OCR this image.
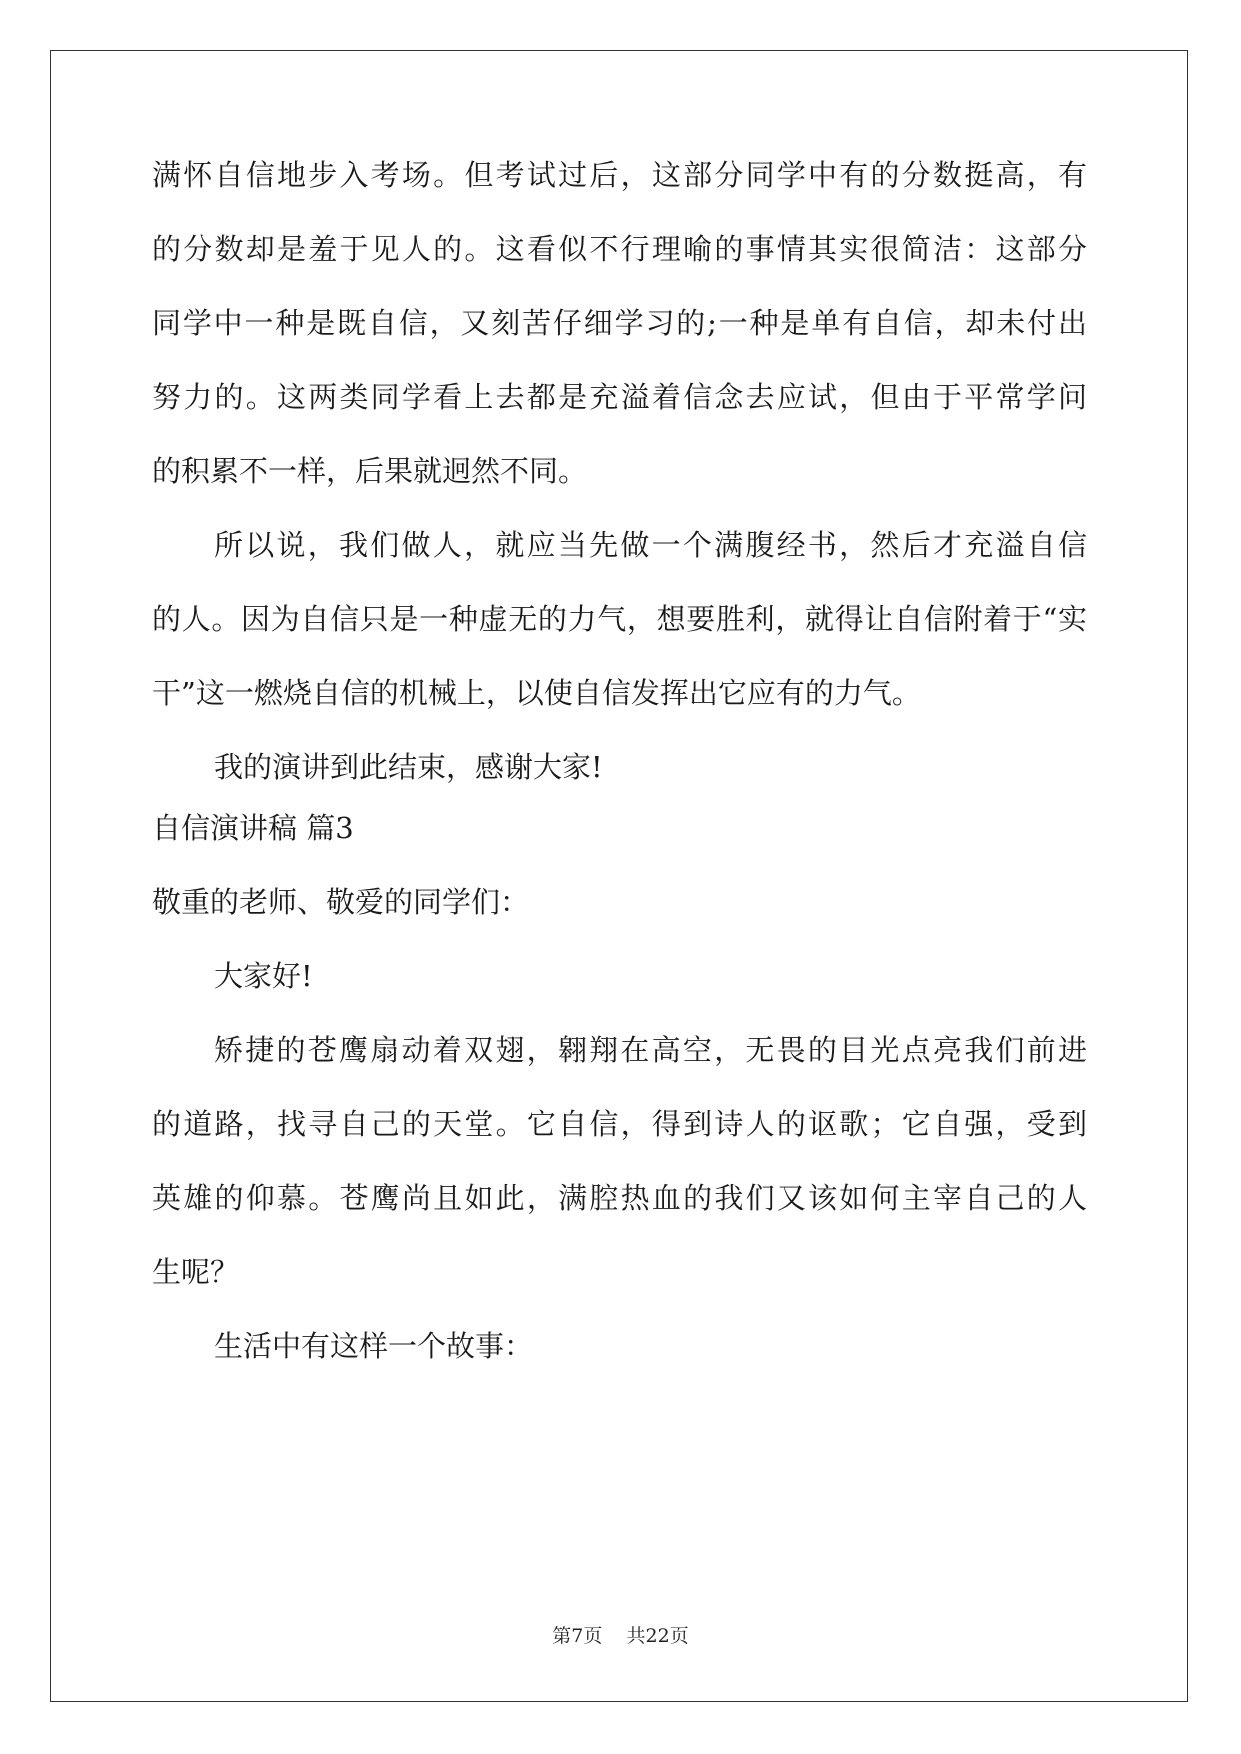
满怀自信地步入考场。但考试过后，这部分同学中有的分数挺高，有
的分数却是羞于见人的。这看似不行理喻的事情其实很简洁：这部分
同学中一种是既自信，又刻苦仔细学习的;一种是单有自信，却未付出
努力的。这两类同学看上去都是充溢着信念去应试，但由于平常学问
的积累不一样，后果就迥然不同。
所以说，我们做人，就应当先做一个满腹经书，然后才充溢自信
的人。因为自信只是一种虚无的力气，想要胜利，就得让自信附着于“实
干”这一燃烧自信的机械上，以使自信发挥出它应有的力气。
我的演讲到此结束，感谢大家!
自信演讲稿 篇3
敬重的老师、敬爱的同学们：
大家好!
矫捷的苍鹰扇动着双翅，翱翔在高空，无畏的目光点亮我们前进
的道路，找寻自己的天堂。它自信，得到诗人的讴歌；它自强，受到
英雄的仰慕。苍鹰尚且如此，满腔热血的我们又该如何主宰自己的人
生呢？
生活中有这样一个故事：
第7页 共22页
